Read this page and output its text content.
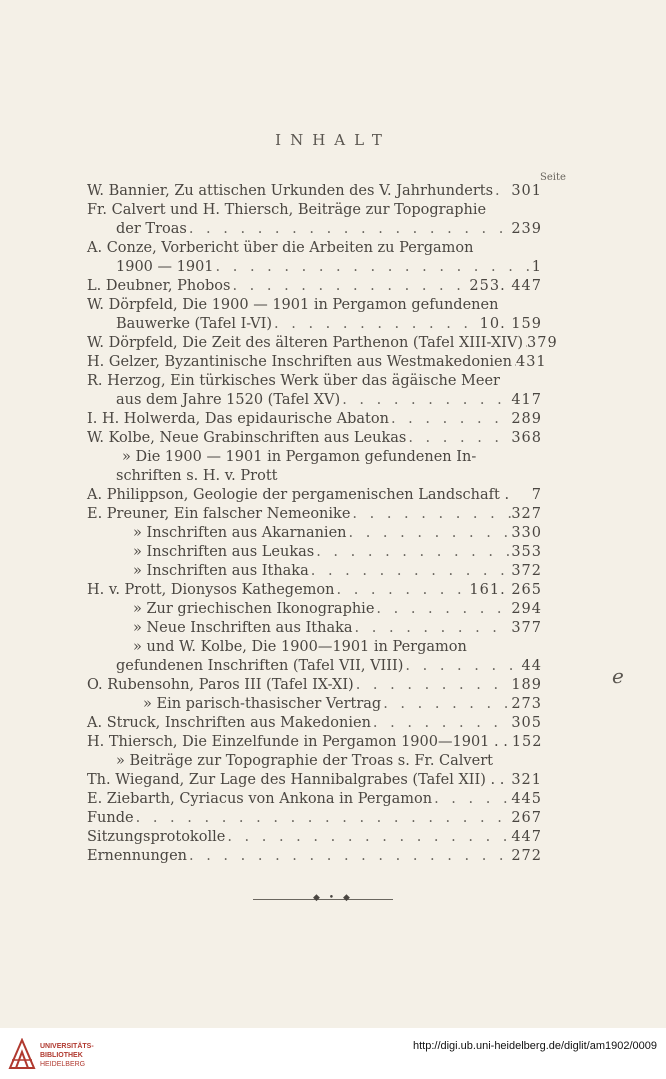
INHALT
Seite
W. Bannier, Zu attischen Urkunden des V. Jahrhunderts . . . 301
Fr. Calvert und H. Thiersch, Beiträge zur Topographie
der Troas . . .	239
A. Conze, Vorbericht über die Arbeiten zu Pergamon
1900 — 1901 . . .	1
L. Deubner, Phobos . . .	253. 447
W. Dörpfeld, Die 1900 — 1901 in Pergamon gefundenen
Bauwerke (Tafel I-VI) . . .	10. 159
W. Dörpfeld, Die Zeit des älteren Parthenon (Tafel XIII-XIV) . . . 379
H. Gelzer, Byzantinische Inschriften aus Westmakedonien . . . 431
R. Herzog, Ein türkisches Werk über das ägäische Meer
aus dem Jahre 1520 (Tafel XV) . . .	417
I. H. Holwerda, Das epidaurische Abaton . . .	289
W. Kolbe, Neue Grabinschriften aus Leukas . . .	368
» Die 1900 — 1901 in Pergamon gefundenen In-
schriften s. H. v. Prott
A. Philippson, Geologie der pergamenischen Landschaft . 7
E. Preuner, Ein falscher Nemeonike . . .	327
» Inschriften aus Akarnanien . . .	330
» Inschriften aus Leukas . . .	353
» Inschriften aus Ithaka . . .	372
H. v. Prott, Dionysos Kathegemon . . .	161. 265
» Zur griechischen Ikonographie . . .	294
» Neue Inschriften aus Ithaka . . .	377
» und W. Kolbe, Die 1900—1901 in Pergamon
gefundenen Inschriften (Tafel VII, VIII) . . .	44
O. Rubensohn, Paros III (Tafel IX-XI) . . .	189
» Ein parisch-thasischer Vertrag . . .	273
A. Struck, Inschriften aus Makedonien . . .	305
H. Thiersch, Die Einzelfunde in Pergamon 1900—1901 . . 152
» Beiträge zur Topographie der Troas s. Fr. Calvert
Th. Wiegand, Zur Lage des Hannibalgrabes (Tafel XII) . . 321
E. Ziebarth, Cyriacus von Ankona in Pergamon . . .	445
Funde . . .	267
Sitzungsprotokolle . . .	447
Ernennungen . . .	272
◆ • ◆
e
UNIVERSITÄTS-
BIBLIOTHEK
HEIDELBERG
http://digi.ub.uni-heidelberg.de/diglit/am1902/0009
